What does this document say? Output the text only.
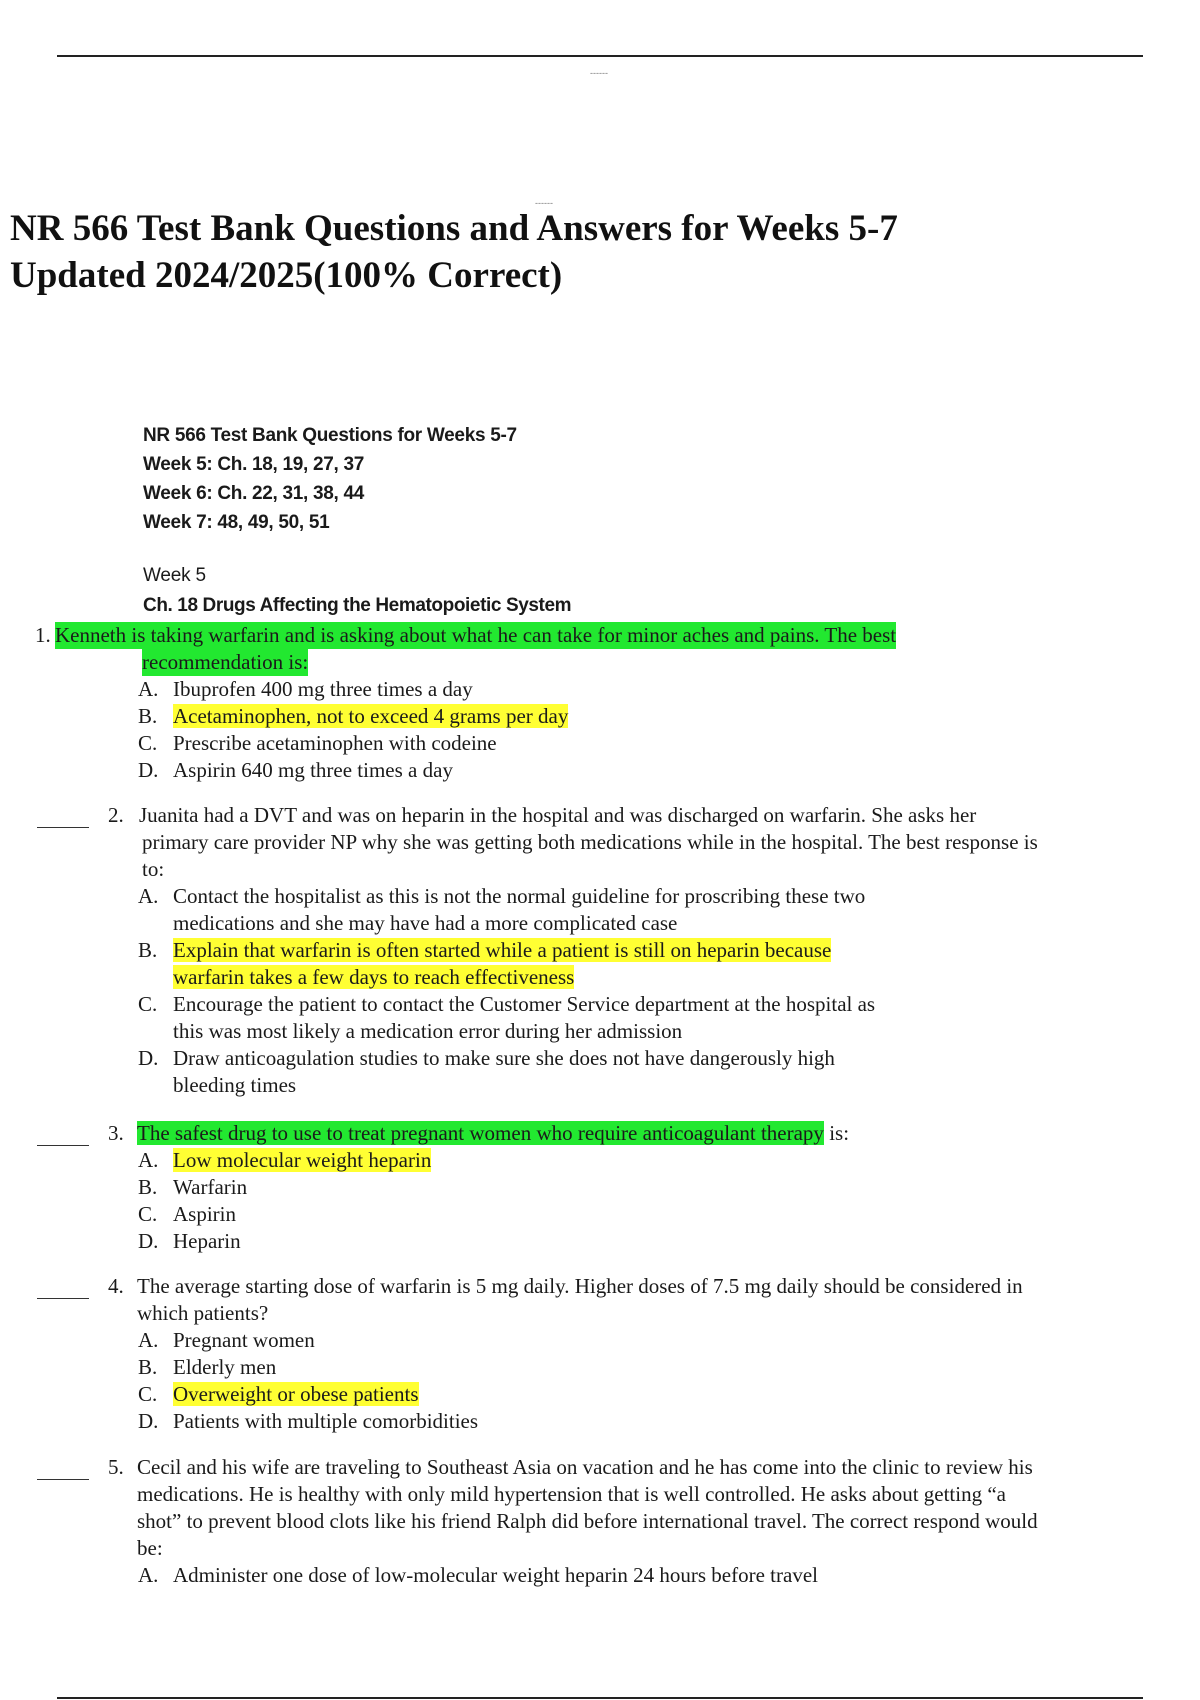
------
------
NR 566 Test Bank Questions and Answers for Weeks 5-7
Updated 2024/2025(100% Correct)
NR 566 Test Bank Questions for Weeks 5-7
Week 5: Ch. 18, 19, 27, 37
Week 6: Ch. 22, 31, 38, 44
Week 7: 48, 49, 50, 51
Week 5
Ch. 18 Drugs Affecting the Hematopoietic System
1. Kenneth is taking warfarin and is asking about what he can take for minor aches and pains. The best
recommendation is:
A. Ibuprofen 400 mg three times a day
B. Acetaminophen, not to exceed 4 grams per day
C. Prescribe acetaminophen with codeine
D. Aspirin 640 mg three times a day
2. Juanita had a DVT and was on heparin in the hospital and was discharged on warfarin. She asks her primary care provider NP why she was getting both medications while in the hospital. The best response is to:
A. Contact the hospitalist as this is not the normal guideline for proscribing these two medications and she may have had a more complicated case
B. Explain that warfarin is often started while a patient is still on heparin because
warfarin takes a few days to reach effectiveness
C. Encourage the patient to contact the Customer Service department at the hospital as this was most likely a medication error during her admission
D. Draw anticoagulation studies to make sure she does not have dangerously high bleeding times
3. The safest drug to use to treat pregnant women who require anticoagulant therapy is:
A. Low molecular weight heparin
B. Warfarin
C. Aspirin
D. Heparin
4. The average starting dose of warfarin is 5 mg daily. Higher doses of 7.5 mg daily should be considered in which patients?
A. Pregnant women
B. Elderly men
C. Overweight or obese patients
D. Patients with multiple comorbidities
5. Cecil and his wife are traveling to Southeast Asia on vacation and he has come into the clinic to review his medications. He is healthy with only mild hypertension that is well controlled. He asks about getting “a shot” to prevent blood clots like his friend Ralph did before international travel. The correct respond would be:
A. Administer one dose of low-molecular weight heparin 24 hours before travel
